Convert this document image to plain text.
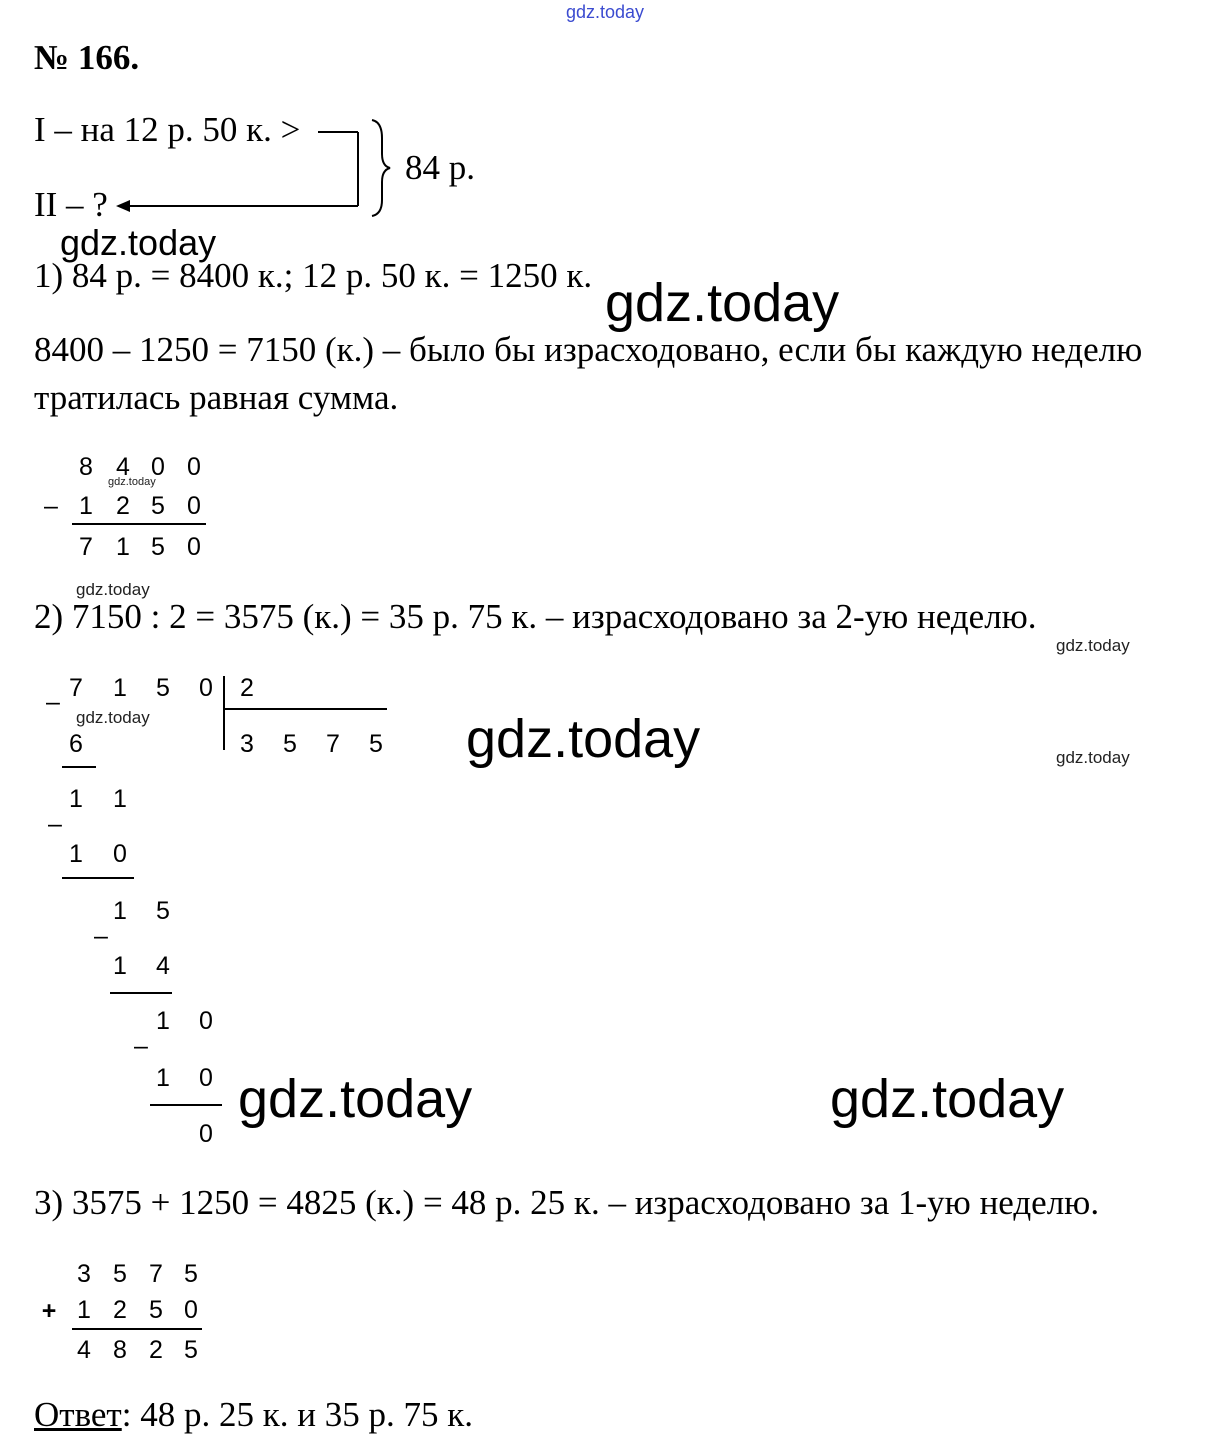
gdz.today
№ 166.
I – на 12 р. 50 к. >
II – ?
84 р.
gdz.today
1) 84 р. = 8400 к.; 12 р. 50 к. = 1250 к. gdz.today
8400 – 1250 = 7150 (к.) – было бы израсходовано, если бы каждую неделю
тратилась равная сумма.
8 4 0 0
gdz.today
– 1 2 5 0
7 1 5 0
gdz.today
2) 7150 : 2 = 3575 (к.) = 35 р. 75 к. – израсходовано за 2-ую неделю.
gdz.today
– 7 1 5 0 2
3 5 7 5
gdz.today
6
1 1
–
1 0
1 5
–
1 4
1 0
–
1 0
0
gdz.today	gdz.today
gdz.today	gdz.today
3) 3575 + 1250 = 4825 (к.) = 48 р. 25 к. – израсходовано за 1-ую неделю.
3 5 7 5
+ 1 2 5 0
4 8 2 5
Ответ: 48 р. 25 к. и 35 р. 75 к.
